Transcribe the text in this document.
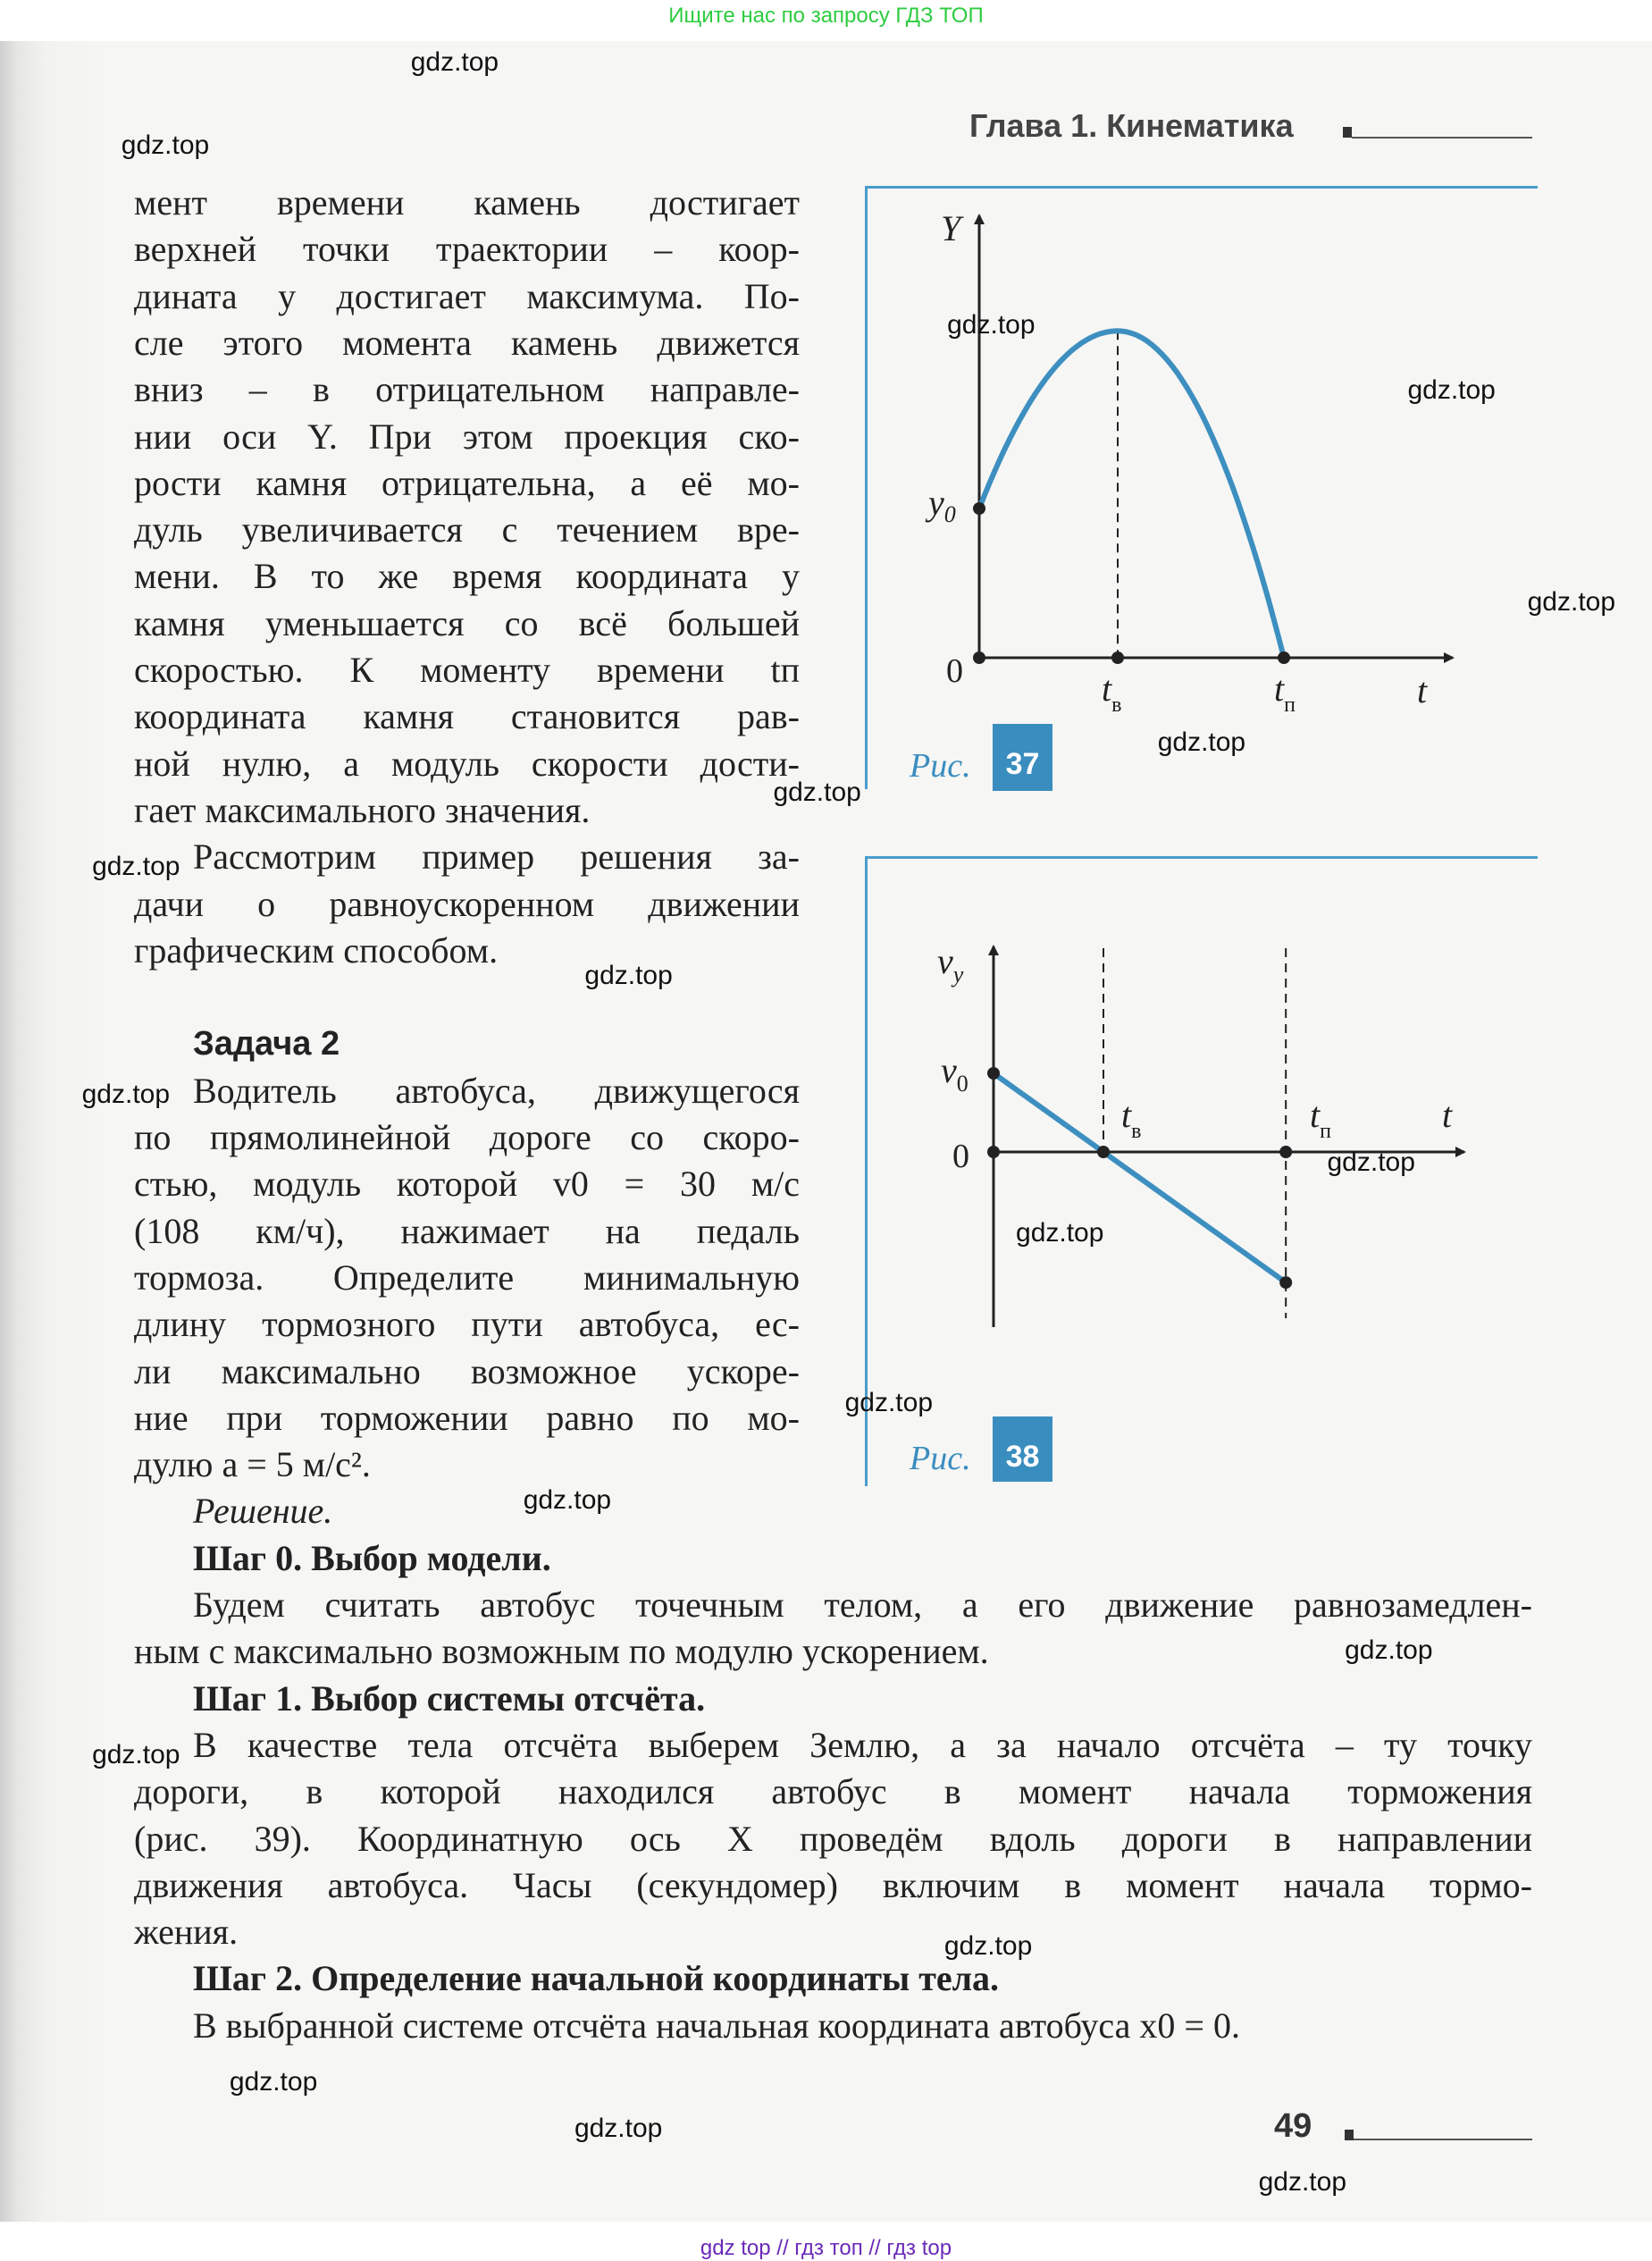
Ищите нас по запросу ГДЗ ТОП
Глава 1. Кинематика
мент времени камень достигает
верхней точки траектории – коор-
дината y достигает максимума. По-
сле этого момента камень движется
вниз – в отрицательном направле-
нии оси Y. При этом проекция ско-
рости камня отрицательна, а её мо-
дуль увеличивается с течением вре-
мени. В то же время координата y
камня уменьшается со всё большей
скоростью. К моменту времени tп
координата камня становится рав-
ной нулю, а модуль скорости дости-
гает максимального значения.
Рассмотрим пример решения за-
дачи о равноускоренном движении
графическим способом.
Задача 2
Водитель автобуса, движущегося
по прямолинейной дороге со скоро-
стью, модуль которой v0 = 30 м/с
(108 км/ч), нажимает на педаль
тормоза. Определите минимальную
длину тормозного пути автобуса, ес-
ли максимально возможное ускоре-
ние при торможении равно по мо-
дулю a = 5 м/с².
Решение.
Шаг 0. Выбор модели.
Будем считать автобус точечным телом, а его движение равнозамедлен-
ным с максимально возможным по модулю ускорением.
Шаг 1. Выбор системы отсчёта.
В качестве тела отсчёта выберем Землю, а за начало отсчёта – ту точку
дороги, в которой находился автобус в момент начала торможения
(рис. 39). Координатную ось X проведём вдоль дороги в направлении
движения автобуса. Часы (секундомер) включим в момент начала тормо-
жения.
Шаг 2. Определение начальной координаты тела.
В выбранной системе отсчёта начальная координата автобуса x0 = 0.
Y
$y_0$
0	$t_в$	$t_п$	t
Рис.	37
$v_y$
$v_0$
0
$t_в$	$t_п$	t
Рис.	38
49
gdz.top
gdz.top
gdz.top
gdz.top
gdz.top
gdz.top
gdz.top
gdz.top
gdz.top
gdz.top
gdz.top
gdz.top
gdz.top
gdz.top
gdz.top
gdz.top
gdz.top
gdz.top
gdz.top
gdz.top
gdz top // гдз топ // гдз top
